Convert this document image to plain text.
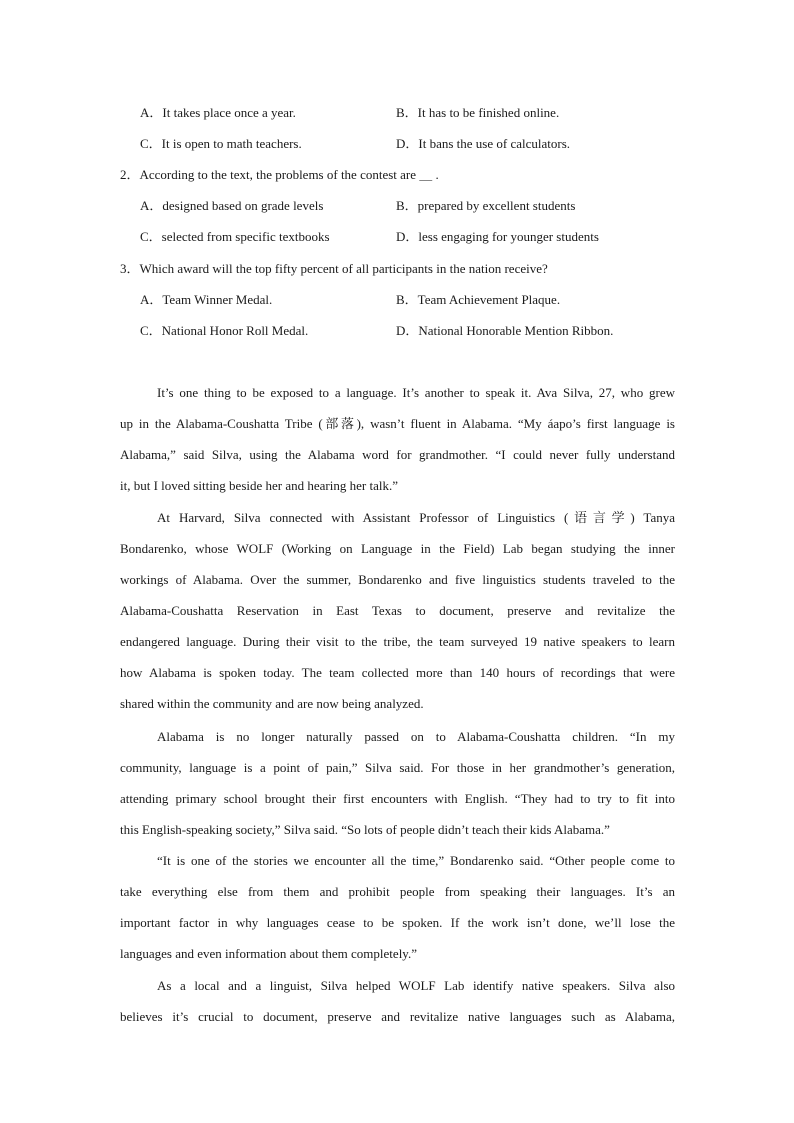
A．It takes place once a year.	B．It has to be finished online.
C．It is open to math teachers.	D．It bans the use of calculators.
2．According to the text, the problems of the contest are ＿ .
A．designed based on grade levels	B．prepared by excellent students
C．selected from specific textbooks	D．less engaging for younger students
3．Which award will the top fifty percent of all participants in the nation receive?
A．Team Winner Medal.	B．Team Achievement Plaque.
C．National Honor Roll Medal.	D．National Honorable Mention Ribbon.
It’s one thing to be exposed to a language. It’s another to speak it. Ava Silva, 27, who grew
up in the Alabama-Coushatta Tribe (部落), wasn’t fluent in Alabama. “My áapo’s first language is
Alabama,” said Silva, using the Alabama word for grandmother. “I could never fully understand
it, but I loved sitting beside her and hearing her talk.”
At Harvard, Silva connected with Assistant Professor of Linguistics (语言学) Tanya
Bondarenko, whose WOLF (Working on Language in the Field) Lab began studying the inner
workings of Alabama. Over the summer, Bondarenko and five linguistics students traveled to the
Alabama-Coushatta Reservation in East Texas to document, preserve and revitalize the
endangered language. During their visit to the tribe, the team surveyed 19 native speakers to learn
how Alabama is spoken today. The team collected more than 140 hours of recordings that were
shared within the community and are now being analyzed.
Alabama is no longer naturally passed on to Alabama-Coushatta children. “In my
community, language is a point of pain,” Silva said. For those in her grandmother’s generation,
attending primary school brought their first encounters with English. “They had to try to fit into
this English-speaking society,” Silva said. “So lots of people didn’t teach their kids Alabama.”
“It is one of the stories we encounter all the time,” Bondarenko said. “Other people come to
take everything else from them and prohibit people from speaking their languages. It’s an
important factor in why languages cease to be spoken. If the work isn’t done, we’ll lose the
languages and even information about them completely.”
As a local and a linguist, Silva helped WOLF Lab identify native speakers. Silva also
believes it’s crucial to document, preserve and revitalize native languages such as Alabama,
